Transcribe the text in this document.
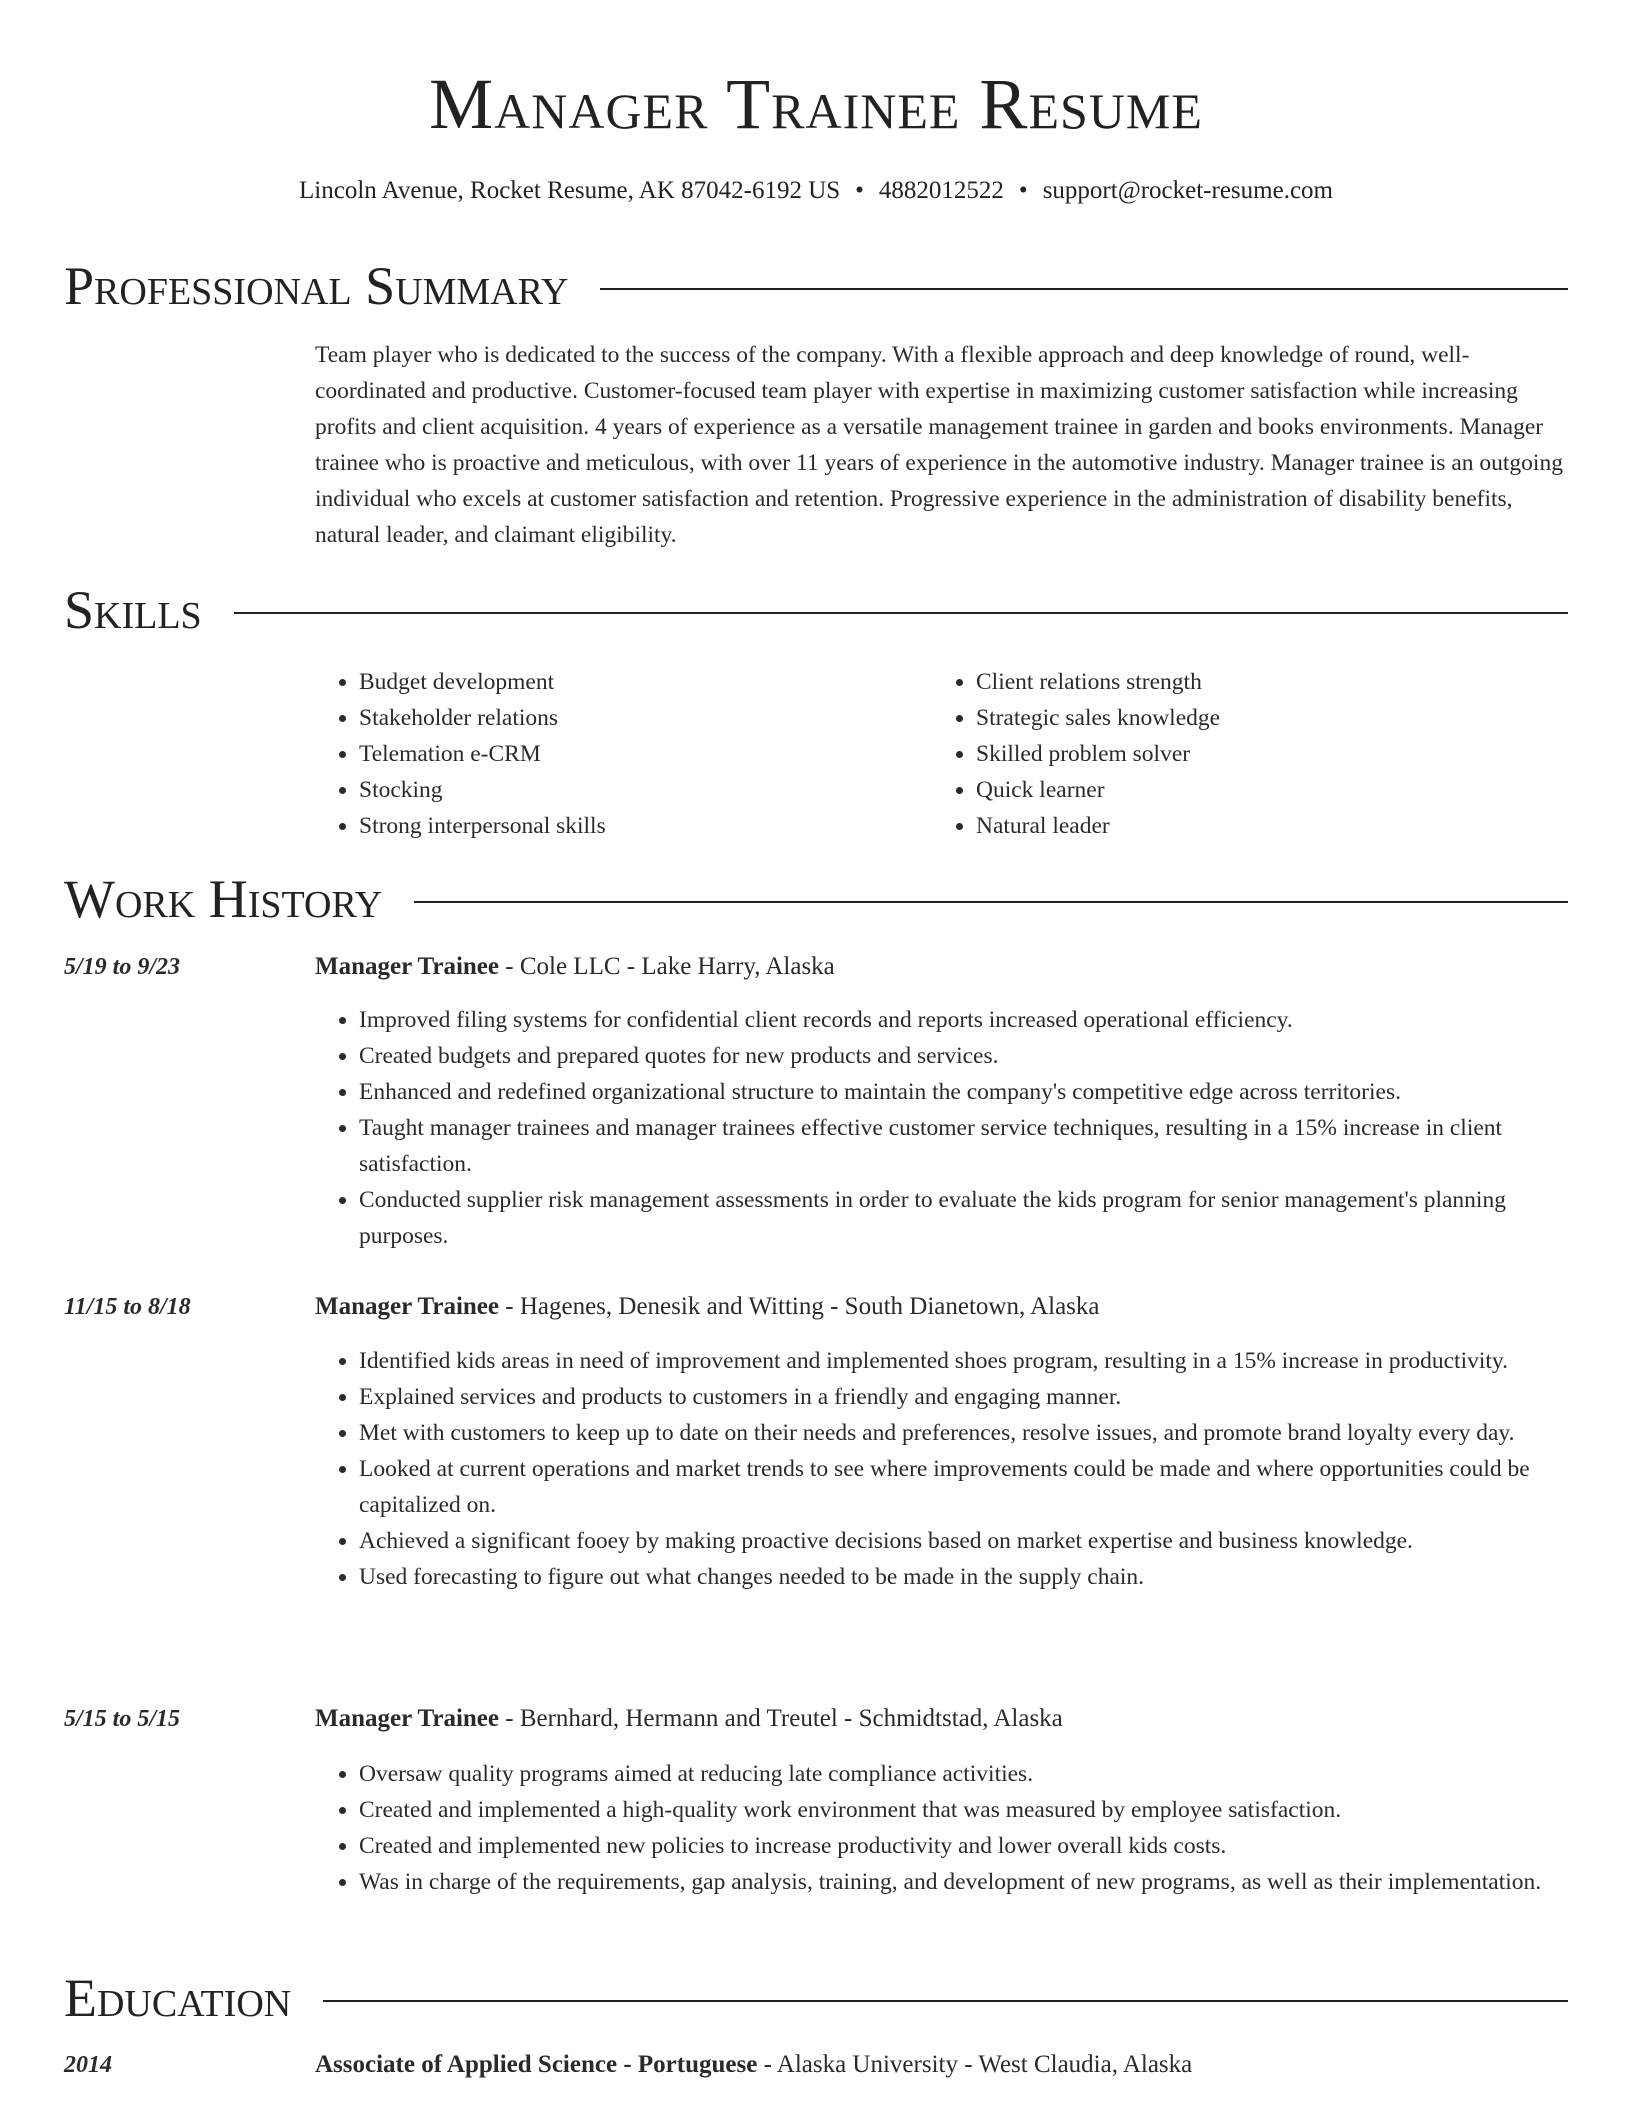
Manager Trainee Resume
Lincoln Avenue, Rocket Resume, AK 87042-6192 US • 4882012522 • support@rocket-resume.com
Professional Summary

Team player who is dedicated to the success of the company. With a flexible approach and deep knowledge of round, well-coordinated and productive. Customer-focused team player with expertise in maximizing customer satisfaction while increasing profits and client acquisition. 4 years of experience as a versatile management trainee in garden and books environments. Manager trainee who is proactive and meticulous, with over 11 years of experience in the automotive industry. Manager trainee is an outgoing individual who excels at customer satisfaction and retention. Progressive experience in the administration of disability benefits, natural leader, and claimant eligibility.

Skills
• Budget development
• Stakeholder relations
• Telemation e-CRM
• Stocking
• Strong interpersonal skills
• Client relations strength
• Strategic sales knowledge
• Skilled problem solver
• Quick learner
• Natural leader
Work History
5/19 to 9/23	Manager Trainee - Cole LLC - Lake Harry, Alaska
• Improved filing systems for confidential client records and reports increased operational efficiency.
• Created budgets and prepared quotes for new products and services.
• Enhanced and redefined organizational structure to maintain the company's competitive edge across territories.
• Taught manager trainees and manager trainees effective customer service techniques, resulting in a 15% increase in client satisfaction.
• Conducted supplier risk management assessments in order to evaluate the kids program for senior management's planning purposes.
11/15 to 8/18	Manager Trainee - Hagenes, Denesik and Witting - South Dianetown, Alaska
• Identified kids areas in need of improvement and implemented shoes program, resulting in a 15% increase in productivity.
• Explained services and products to customers in a friendly and engaging manner.
• Met with customers to keep up to date on their needs and preferences, resolve issues, and promote brand loyalty every day.
• Looked at current operations and market trends to see where improvements could be made and where opportunities could be capitalized on.
• Achieved a significant fooey by making proactive decisions based on market expertise and business knowledge.
• Used forecasting to figure out what changes needed to be made in the supply chain.
5/15 to 5/15	Manager Trainee - Bernhard, Hermann and Treutel - Schmidtstad, Alaska
• Oversaw quality programs aimed at reducing late compliance activities.
• Created and implemented a high-quality work environment that was measured by employee satisfaction.
• Created and implemented new policies to increase productivity and lower overall kids costs.
• Was in charge of the requirements, gap analysis, training, and development of new programs, as well as their implementation.
Education
2014	Associate of Applied Science - Portuguese - Alaska University - West Claudia, Alaska
